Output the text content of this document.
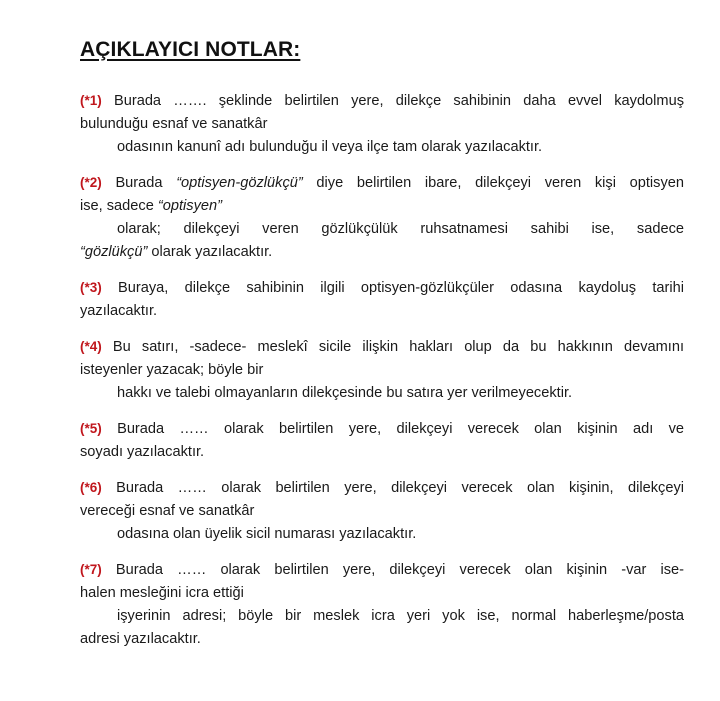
AÇIKLAYICI NOTLAR:
(*1) Burada ……. şeklinde belirtilen yere, dilekçe sahibinin daha evvel kaydolmuş
bulunduğu esnaf ve sanatkâr
odasının kanunî adı bulunduğu il veya ilçe tam olarak yazılacaktır.
(*2) Burada “optisyen-gözlükçü” diye belirtilen ibare, dilekçeyi veren kişi optisyen
ise, sadece “optisyen”
olarak; dilekçeyi veren gözlükçülük ruhsatnamesi sahibi ise, sadece
“gözlükçü” olarak yazılacaktır.
(*3) Buraya, dilekçe sahibinin ilgili optisyen-gözlükçüler odasına kaydoluş tarihi
yazılacaktır.
(*4) Bu satırı, -sadece- meslekî sicile ilişkin hakları olup da bu hakkının devamını
isteyenler yazacak; böyle bir
hakkı ve talebi olmayanların dilekçesinde bu satıra yer verilmeyecektir.
(*5) Burada …… olarak belirtilen yere, dilekçeyi verecek olan kişinin adı ve
soyadı yazılacaktır.
(*6) Burada …… olarak belirtilen yere, dilekçeyi verecek olan kişinin, dilekçeyi
vereceği esnaf ve sanatkâr
odasına olan üyelik sicil numarası yazılacaktır.
(*7) Burada …… olarak belirtilen yere, dilekçeyi verecek olan kişinin -var ise-
halen mesleğini icra ettiği
işyerinin adresi; böyle bir meslek icra yeri yok ise, normal haberleşme/posta
adresi yazılacaktır.
